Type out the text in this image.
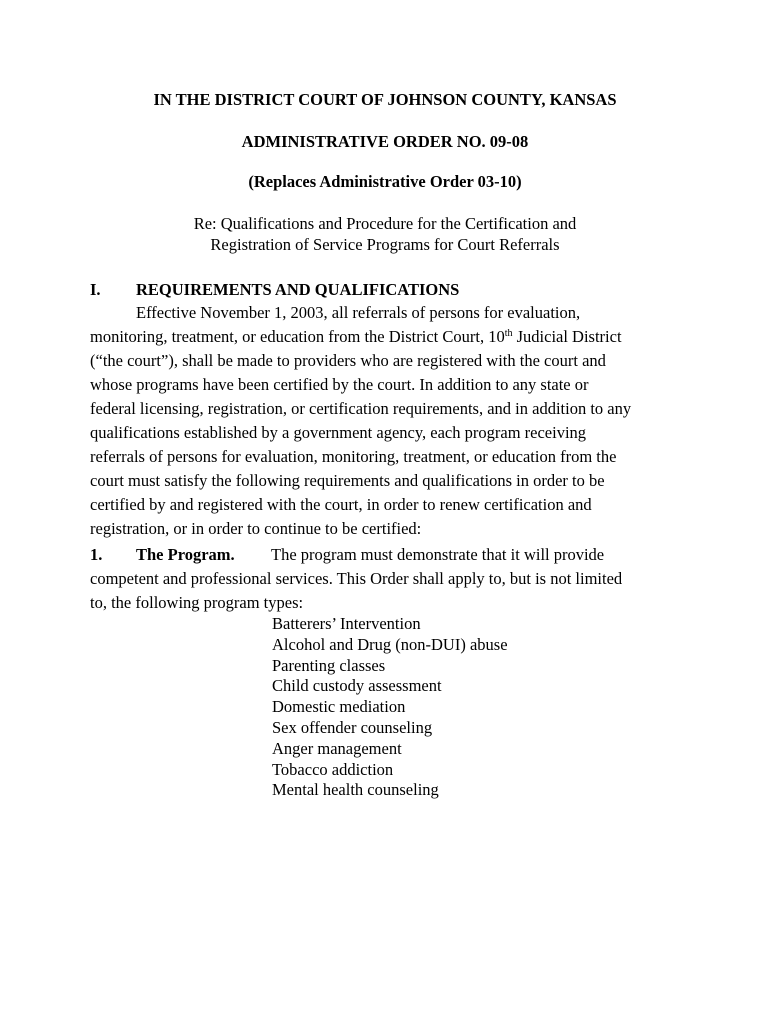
IN THE DISTRICT COURT OF JOHNSON COUNTY, KANSAS
ADMINISTRATIVE ORDER NO. 09-08
(Replaces Administrative Order 03-10)
Re: Qualifications and Procedure for the Certification and
Registration of Service Programs for Court Referrals
I. REQUIREMENTS AND QUALIFICATIONS
Effective November 1, 2003, all referrals of persons for evaluation,
monitoring, treatment, or education from the District Court, 10th Judicial District
(“the court”), shall be made to providers who are registered with the court and
whose programs have been certified by the court. In addition to any state or
federal licensing, registration, or certification requirements, and in addition to any
qualifications established by a government agency, each program receiving
referrals of persons for evaluation, monitoring, treatment, or education from the
court must satisfy the following requirements and qualifications in order to be
certified by and registered with the court, in order to renew certification and
registration, or in order to continue to be certified:
1. The Program. The program must demonstrate that it will provide
competent and professional services. This Order shall apply to, but is not limited
to, the following program types:
Batterers’ Intervention
Alcohol and Drug (non-DUI) abuse
Parenting classes
Child custody assessment
Domestic mediation
Sex offender counseling
Anger management
Tobacco addiction
Mental health counseling
